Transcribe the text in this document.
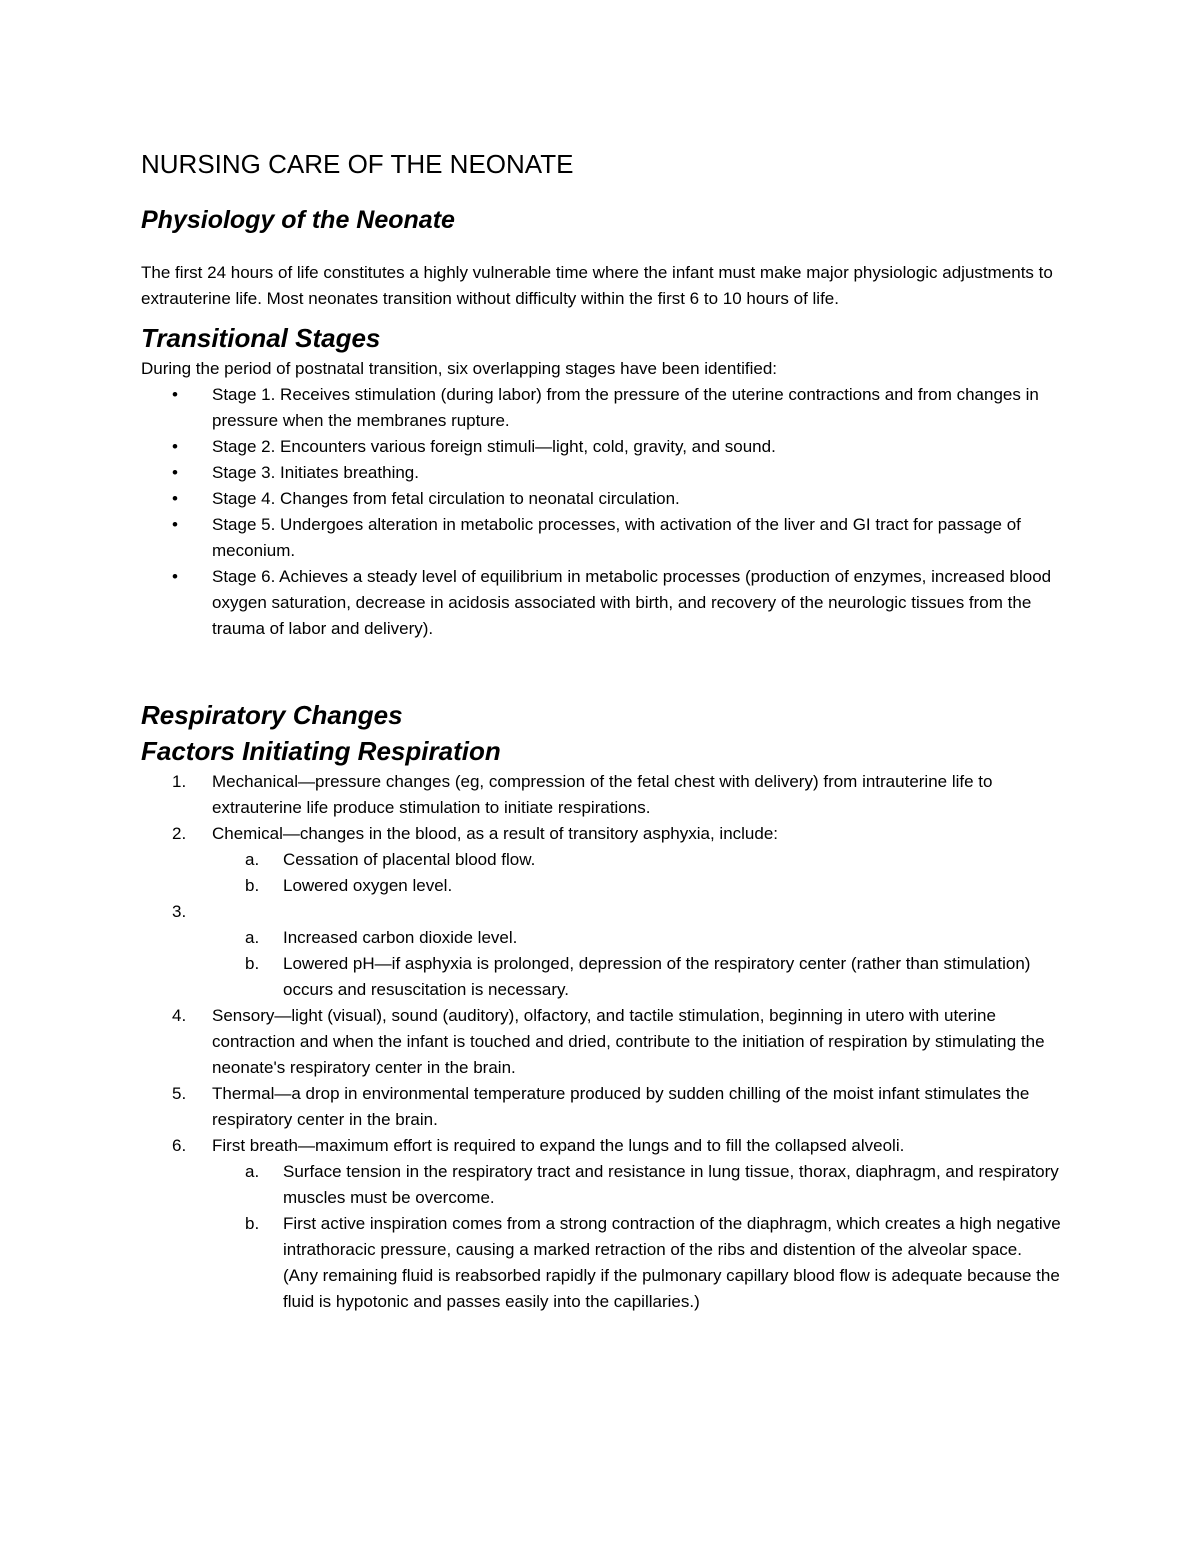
NURSING CARE OF THE NEONATE
Physiology of the Neonate

The first 24 hours of life constitutes a highly vulnerable time where the infant must make major physiologic adjustments to extrauterine life. Most neonates transition without difficulty within the first 6 to 10 hours of life.

Transitional Stages

During the period of postnatal transition, six overlapping stages have been identified:

• Stage 1. Receives stimulation (during labor) from the pressure of the uterine contractions and from changes in pressure when the membranes rupture.
• Stage 2. Encounters various foreign stimuli—light, cold, gravity, and sound.
• Stage 3. Initiates breathing.
• Stage 4. Changes from fetal circulation to neonatal circulation.
• Stage 5. Undergoes alteration in metabolic processes, with activation of the liver and GI tract for passage of meconium.
• Stage 6. Achieves a steady level of equilibrium in metabolic processes (production of enzymes, increased blood oxygen saturation, decrease in acidosis associated with birth, and recovery of the neurologic tissues from the trauma of labor and delivery).
Respiratory Changes
Factors Initiating Respiration
1. Mechanical—pressure changes (eg, compression of the fetal chest with delivery) from intrauterine life to extrauterine life produce stimulation to initiate respirations.
2. Chemical—changes in the blood, as a result of transitory asphyxia, include:
a. Cessation of placental blood flow.
b. Lowered oxygen level.
3.
a. Increased carbon dioxide level.
b. Lowered pH—if asphyxia is prolonged, depression of the respiratory center (rather than stimulation) occurs and resuscitation is necessary.
4. Sensory—light (visual), sound (auditory), olfactory, and tactile stimulation, beginning in utero with uterine contraction and when the infant is touched and dried, contribute to the initiation of respiration by stimulating the neonate's respiratory center in the brain.
5. Thermal—a drop in environmental temperature produced by sudden chilling of the moist infant stimulates the respiratory center in the brain.
6. First breath—maximum effort is required to expand the lungs and to fill the collapsed alveoli.
a. Surface tension in the respiratory tract and resistance in lung tissue, thorax, diaphragm, and respiratory muscles must be overcome.
b. First active inspiration comes from a strong contraction of the diaphragm, which creates a high negative intrathoracic pressure, causing a marked retraction of the ribs and distention of the alveolar space. (Any remaining fluid is reabsorbed rapidly if the pulmonary capillary blood flow is adequate because the fluid is hypotonic and passes easily into the capillaries.)
